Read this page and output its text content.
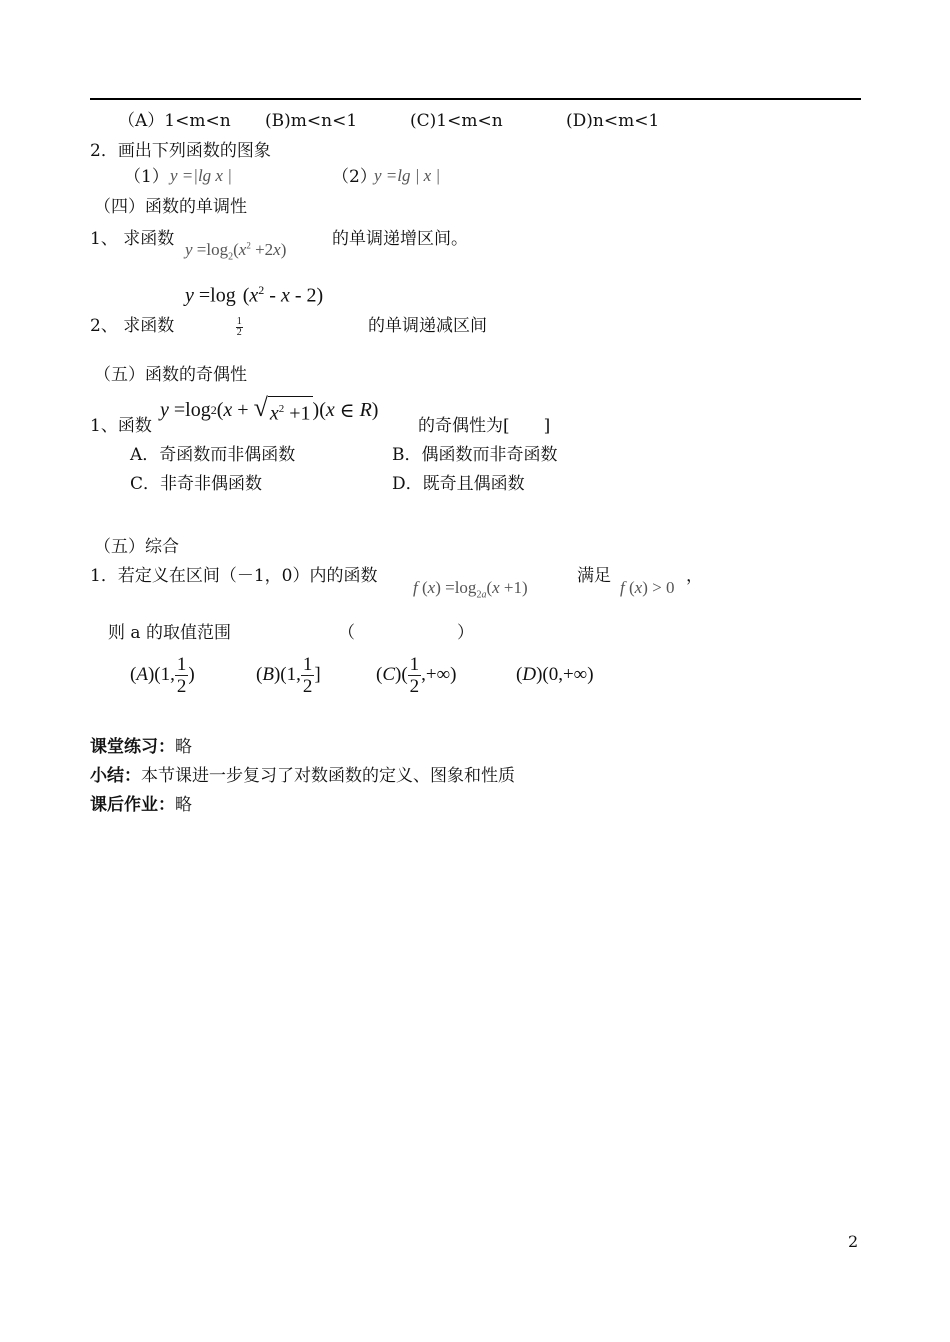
（A）1<m<n (B)m<n<1	(C)1<m<n	(D)n<m<1
2．画出下列函数的图象
（1） y =|lg x |	（2）
y =lg | x |
（四）函数的单调性
1、 求函数
$y =\log_2(x^2 +2x)$
的单调递增区间。
y =log
$\frac{1}{2}$
($x^2$ - x - 2)
2、 求函数	的单调递减区间
（五）函数的奇偶性
1、函数
y =log 2 ( x + √ $x^2 +1$ )( x ∈ R )
的奇偶性为[　　]
A．奇函数而非偶函数	B．偶函数而非奇函数
C．非奇非偶函数	D．既奇且偶函数
（五）综合
1．若定义在区间（－1，0）内的函数
f $(x) =\log_{2a}(x +1)$
满足
f (x) > 0
，
则 a 的取值范围	（　　　　　　）
(A)(1, $\frac{1}{2}$ )	(B)(1, $\frac{1}{2}$ ]	$(C)( \frac{1}{2}$ ,+∞)	(D)(0,+∞)
课堂练习：略
小结：本节课进一步复习了对数函数的定义、图象和性质
课后作业：略
2
